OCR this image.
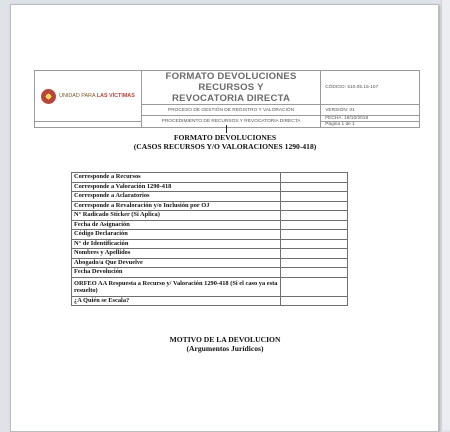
UNIDAD PARA LAS VÍCTIMAS	FORMATO DEVOLUCIONES RECURSOS Y
REVOCATORIA DIRECTA	CÓDIGO: 510.05.15-107
	PROCESO DE GESTIÓN DE REGISTRO Y VALORACIÓN	VERSIÓN: 01
	PROCEDIMIENTO DE RECURSOS Y REVOCATORIA DIRECTA	FECHA: 19/10/2018
		Página 1 de 1
FORMATO DEVOLUCIONES
(CASOS RECURSOS Y/O VALORACIONES 1290-418)
Corresponde a Recursos	
Corresponde a Valoración 1290-418	
Corresponde a Aclaratorios	
Corresponde a Revaloración y/o Inclusión por OJ	
N° Radicado Sticker (Si Aplica)	
Fecha de Asignación	
Código Declaración	
N° de Identificación	
Nombres y Apellidos	
Abogado/a Que Devuelve	
Fecha Devolución	
ORFEO AA Respuesta a Recurso y/ Valoración 1290-418 (Si el caso ya esta resuelto)	
¿A Quién se Escala?	
MOTIVO DE LA DEVOLUCION
(Argumentos Jurídicos)
